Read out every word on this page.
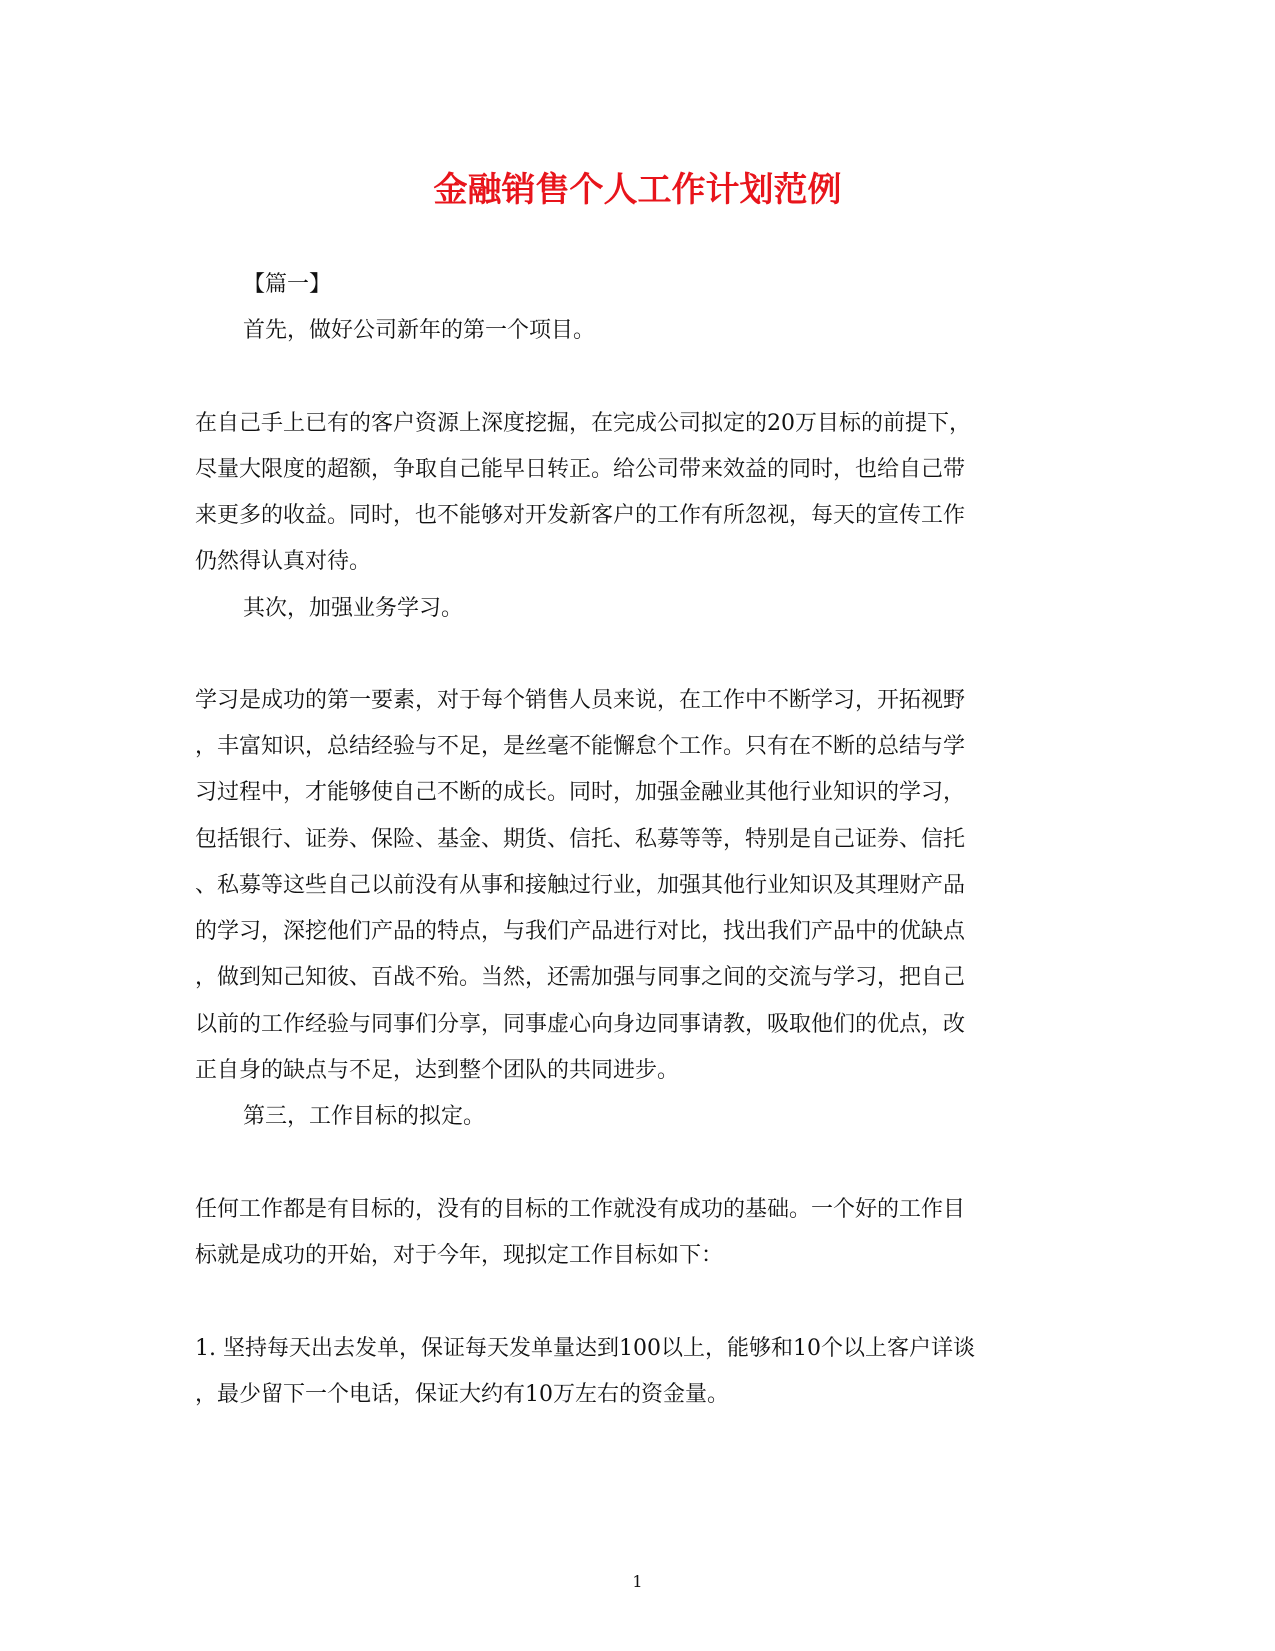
金融销售个人工作计划范例
【篇一】
首先，做好公司新年的第一个项目。
在自己手上已有的客户资源上深度挖掘，在完成公司拟定的20万目标的前提下，
尽量大限度的超额，争取自己能早日转正。给公司带来效益的同时，也给自己带
来更多的收益。同时，也不能够对开发新客户的工作有所忽视，每天的宣传工作
仍然得认真对待。
其次，加强业务学习。
学习是成功的第一要素，对于每个销售人员来说，在工作中不断学习，开拓视野
，丰富知识，总结经验与不足，是丝毫不能懈怠个工作。只有在不断的总结与学
习过程中，才能够使自己不断的成长。同时，加强金融业其他行业知识的学习，
包括银行、证券、保险、基金、期货、信托、私募等等，特别是自己证券、信托
、私募等这些自己以前没有从事和接触过行业，加强其他行业知识及其理财产品
的学习，深挖他们产品的特点，与我们产品进行对比，找出我们产品中的优缺点
，做到知己知彼、百战不殆。当然，还需加强与同事之间的交流与学习，把自己
以前的工作经验与同事们分享，同事虚心向身边同事请教，吸取他们的优点，改
正自身的缺点与不足，达到整个团队的共同进步。
第三，工作目标的拟定。
任何工作都是有目标的，没有的目标的工作就没有成功的基础。一个好的工作目
标就是成功的开始，对于今年，现拟定工作目标如下：
1. 坚持每天出去发单，保证每天发单量达到100以上，能够和10个以上客户详谈
，最少留下一个电话，保证大约有10万左右的资金量。
1
